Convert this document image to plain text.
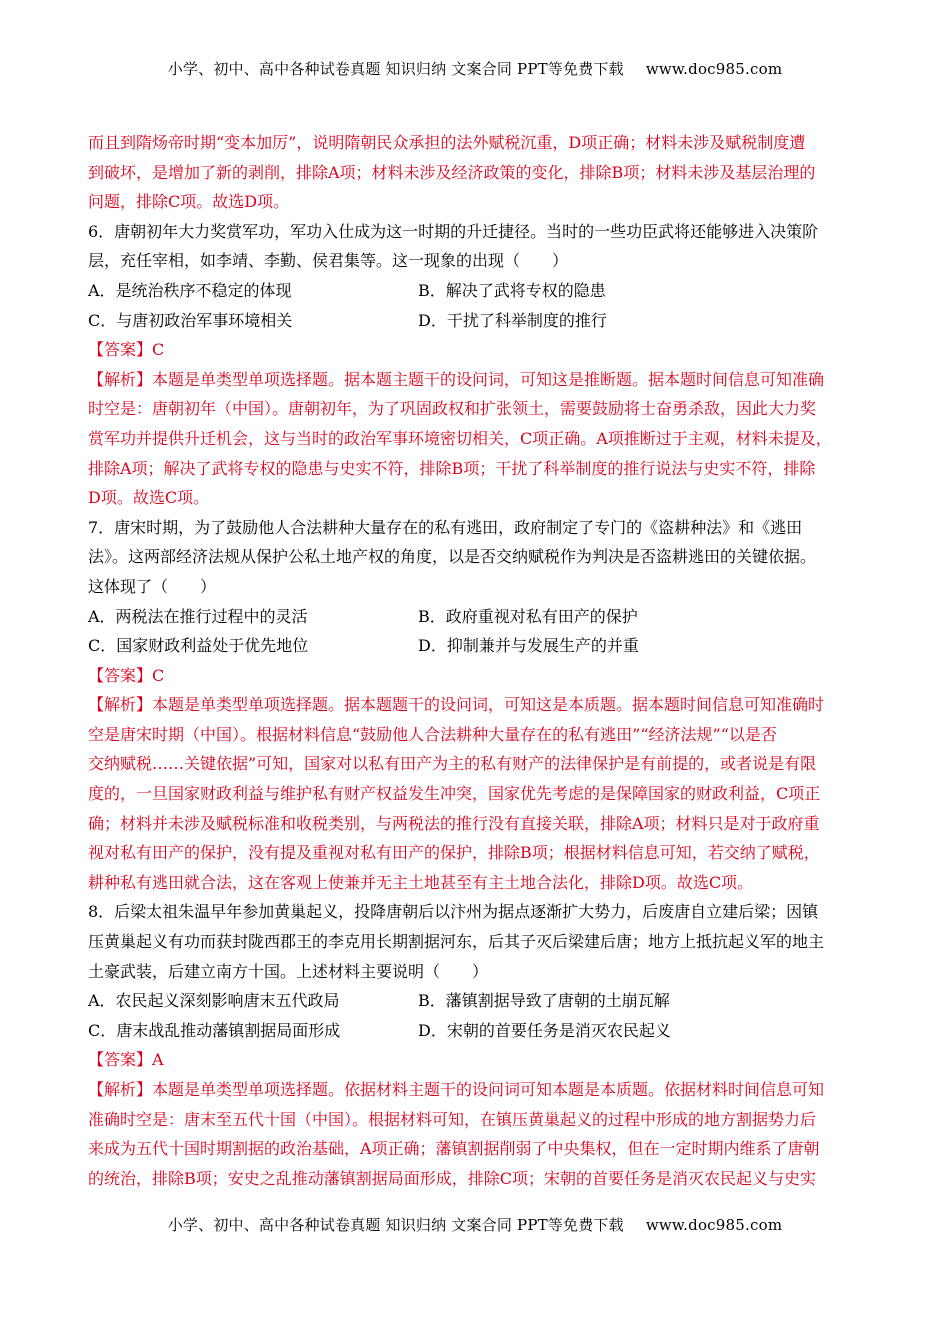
小学、初中、高中各种试卷真题 知识归纳 文案合同 PPT等免费下载 www.doc985.com

而且到隋炀帝时期“变本加厉”，说明隋朝民众承担的法外赋税沉重，D项正确；材料未涉及赋税制度遭

到破坏，是增加了新的剥削，排除A项；材料未涉及经济政策的变化，排除B项；材料未涉及基层治理的

问题，排除C项。故选D项。

6．唐朝初年大力奖赏军功，军功入仕成为这一时期的升迁捷径。当时的一些功臣武将还能够进入决策阶

层，充任宰相，如李靖、李勤、侯君集等。这一现象的出现（　　）

A．是统治秩序不稳定的体现	B．解决了武将专权的隐患
C．与唐初政治军事环境相关	D．干扰了科举制度的推行

【答案】C

【解析】本题是单类型单项选择题。据本题主题干的设问词，可知这是推断题。据本题时间信息可知准确

时空是：唐朝初年（中国）。唐朝初年，为了巩固政权和扩张领土，需要鼓励将士奋勇杀敌，因此大力奖

赏军功并提供升迁机会，这与当时的政治军事环境密切相关，C项正确。A项推断过于主观，材料未提及，

排除A项；解决了武将专权的隐患与史实不符，排除B项；干扰了科举制度的推行说法与史实不符，排除

D项。故选C项。

7．唐宋时期，为了鼓励他人合法耕种大量存在的私有逃田，政府制定了专门的《盗耕种法》和《逃田

法》。这两部经济法规从保护公私土地产权的角度，以是否交纳赋税作为判决是否盗耕逃田的关键依据。

这体现了（　　）

A．两税法在推行过程中的灵活	B．政府重视对私有田产的保护
C．国家财政利益处于优先地位	D．抑制兼并与发展生产的并重

【答案】C

【解析】本题是单类型单项选择题。据本题题干的设问词，可知这是本质题。据本题时间信息可知准确时

空是唐宋时期（中国）。根据材料信息“鼓励他人合法耕种大量存在的私有逃田”“经济法规”“以是否

交纳赋税……关键依据”可知，国家对以私有田产为主的私有财产的法律保护是有前提的，或者说是有限

度的，一旦国家财政利益与维护私有财产权益发生冲突，国家优先考虑的是保障国家的财政利益，C项正

确；材料并未涉及赋税标准和收税类别，与两税法的推行没有直接关联，排除A项；材料只是对于政府重

视对私有田产的保护，没有提及重视对私有田产的保护，排除B项；根据材料信息可知，若交纳了赋税，

耕种私有逃田就合法，这在客观上使兼并无主土地甚至有主土地合法化，排除D项。故选C项。

8．后梁太祖朱温早年参加黄巢起义，投降唐朝后以汴州为据点逐渐扩大势力，后废唐自立建后梁；因镇

压黄巢起义有功而获封陇西郡王的李克用长期割据河东，后其子灭后梁建后唐；地方上抵抗起义军的地主

土豪武装，后建立南方十国。上述材料主要说明（　　）

A．农民起义深刻影响唐末五代政局	B．藩镇割据导致了唐朝的土崩瓦解
C．唐末战乱推动藩镇割据局面形成	D．宋朝的首要任务是消灭农民起义

【答案】A

【解析】本题是单类型单项选择题。依据材料主题干的设问词可知本题是本质题。依据材料时间信息可知

准确时空是：唐末至五代十国（中国）。根据材料可知，在镇压黄巢起义的过程中形成的地方割据势力后

来成为五代十国时期割据的政治基础，A项正确；藩镇割据削弱了中央集权，但在一定时期内维系了唐朝

的统治，排除B项；安史之乱推动藩镇割据局面形成，排除C项；宋朝的首要任务是消灭农民起义与史实

小学、初中、高中各种试卷真题 知识归纳 文案合同 PPT等免费下载 www.doc985.com
